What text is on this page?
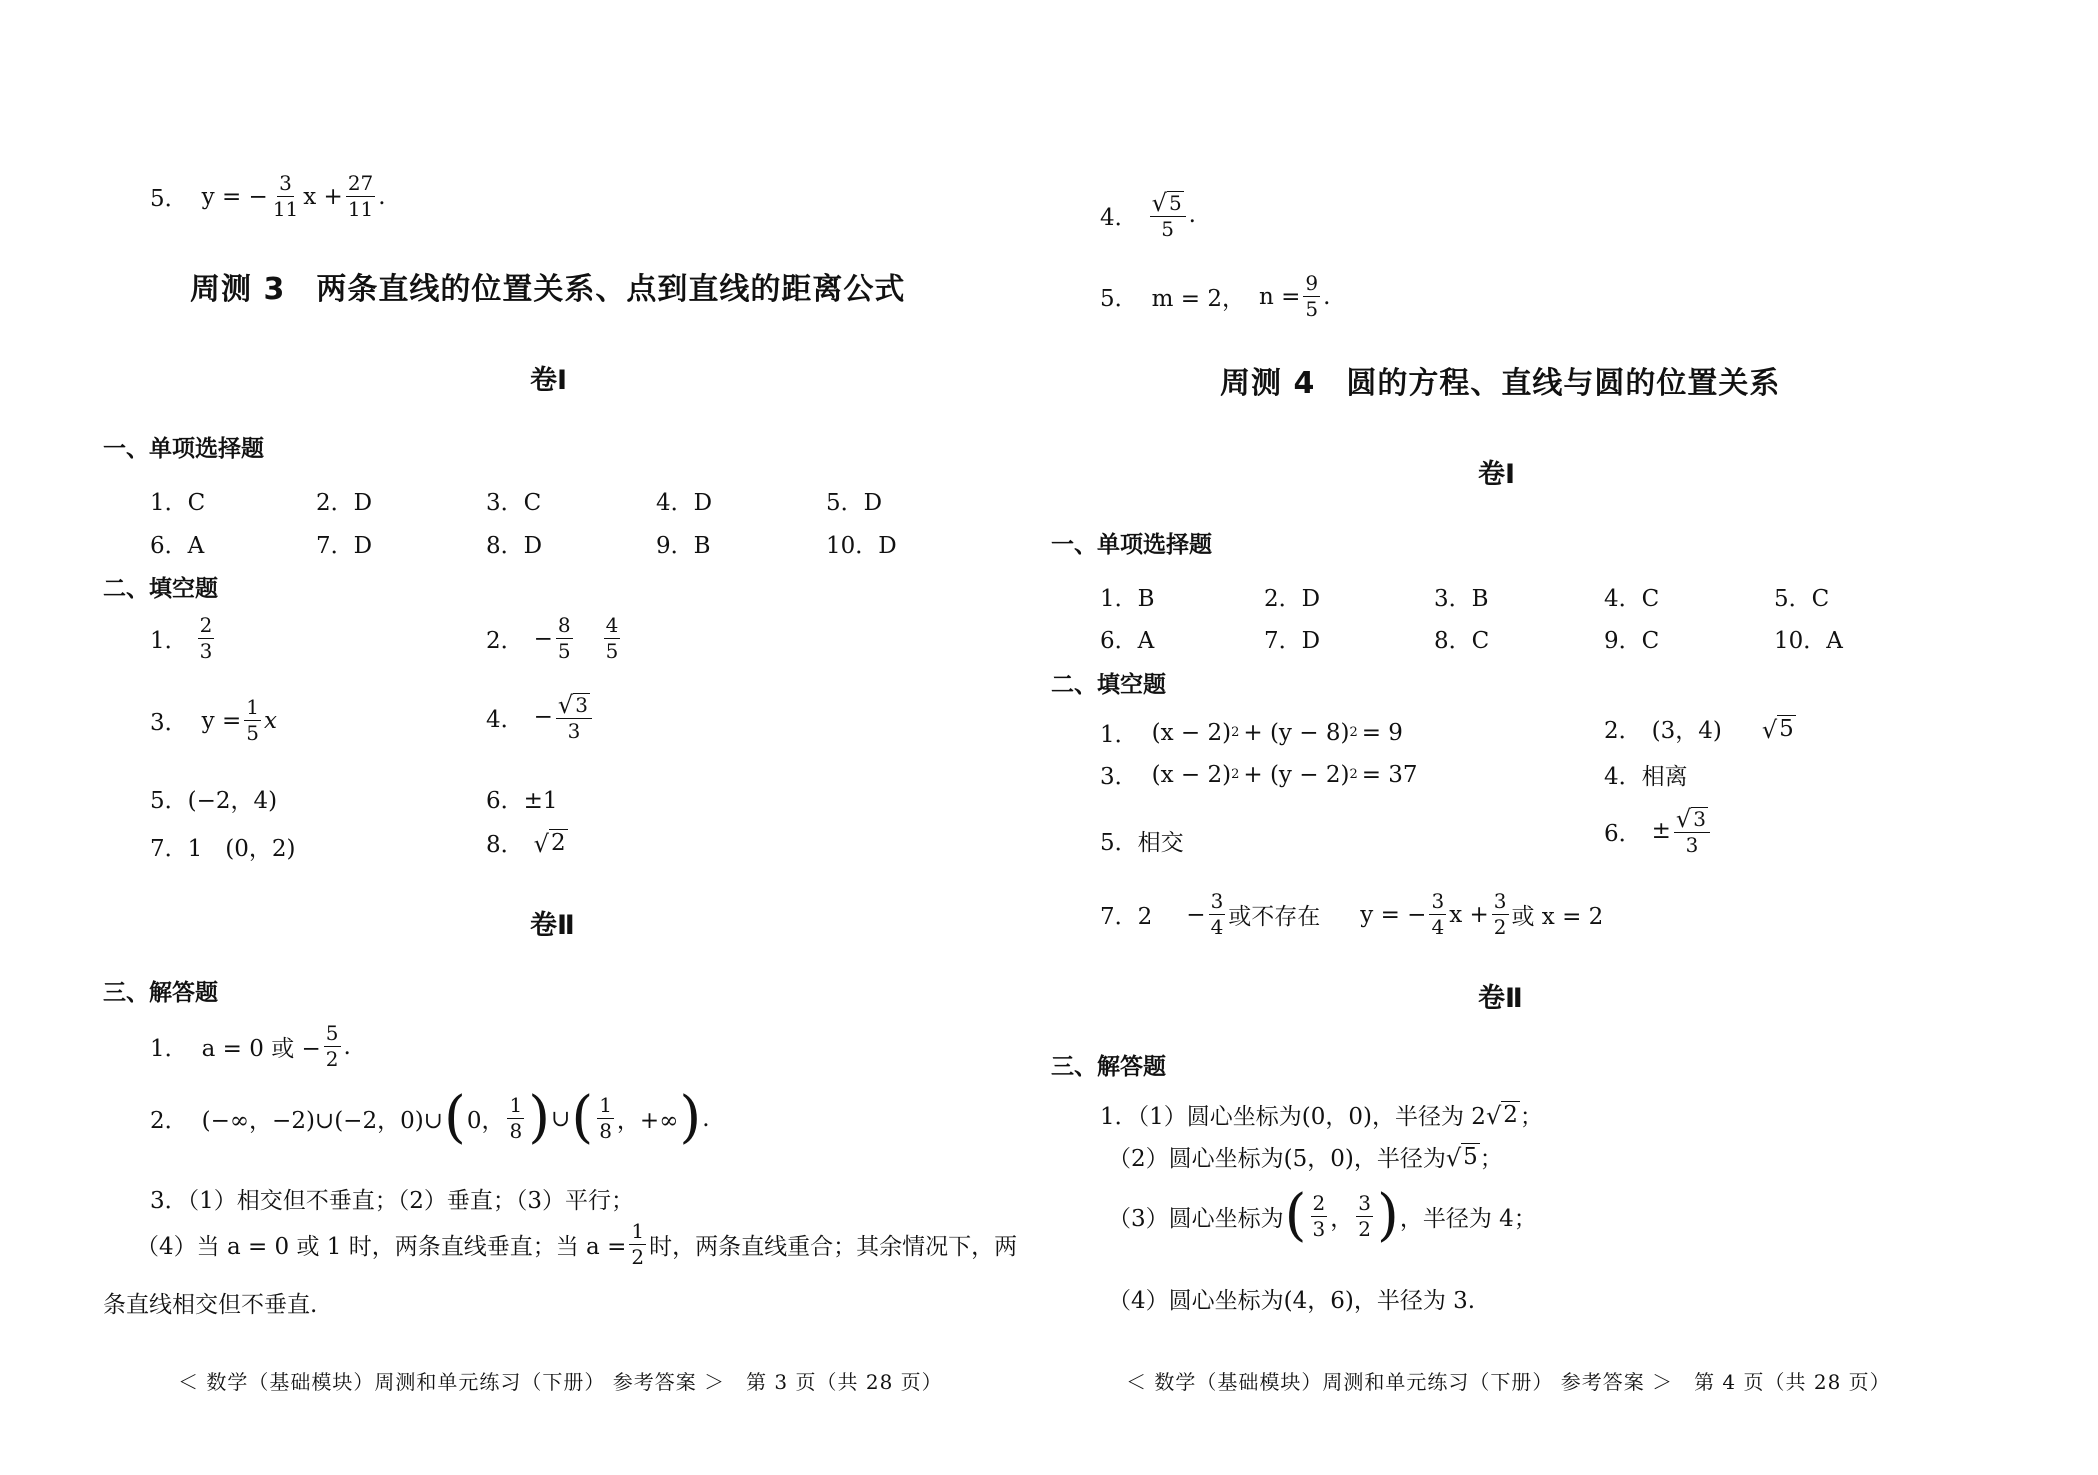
5． y = − $\frac{3}{11}$ $x + \frac{27}{11}$ .
周测 3　两条直线的位置关系、点到直线的距离公式
卷Ⅰ
一、单项选择题
1．C	2．D	3．C	4．D	5．D
6．A	7．D	8．D	9．B	10．D
二、填空题
1． $\frac{2}{3}$	2． − $\frac{8}{5} \frac{4}{5}$
3． $y = \frac{1}{5}$ x	4． − $\frac{√ 3}{3}$
5．(−2，4)	6．±1
7．1　(0，2)	8． √ 2
卷Ⅱ
三、解答题
1． a = 0 或 − $\frac{5}{2}$ .
2． (−∞，−2)∪(−2，0)∪ ( 0， $\frac{1}{8}$ ) ∪ ( $\frac{1}{8}$ ，+∞ ) .
3．（1）相交但不垂直；（2）垂直；（3）平行；
（4）当 a = 0 或 1 时，两条直线垂直；当 $a = \frac{1}{2}$ 时，两条直线重合；其余情况下，两
条直线相交但不垂直.
＜ 数学（基础模块）周测和单元练习（下册） 参考答案 ＞　第 3 页（共 28 页）
4． $\frac{√ 5}{5}$ .
5． m = 2， $n = \frac{9}{5}$ .
周测 4　圆的方程、直线与圆的位置关系
卷Ⅰ
一、单项选择题
1．B	2．D	3．B	4．C	5．C
6．A	7．D	8．C	9．C	10．A
二、填空题
1． (x − 2) 2 + (y − 8) 2 = 9	2． (3，4) √ 5
3． (x − 2) 2 + (y − 2) 2 = 37	4．相离
5．相交	6． ± $\frac{√ 3}{3}$
7．$2 - \frac{3}{4}$ 或不存在 y = − $\frac{3}{4}$ $x + \frac{3}{2}$ 或 x = 2
卷Ⅱ
三、解答题
1．（1）圆心坐标为(0，0)，半径为 2 √ 2 ；
（2）圆心坐标为(5，0)，半径为 √ 5 ；
（3）圆心坐标为 ( $\frac{2}{3}$ ， $\frac{3}{2}$ ) ，半径为 4；
（4）圆心坐标为(4，6)，半径为 3.
＜ 数学（基础模块）周测和单元练习（下册） 参考答案 ＞　第 4 页（共 28 页）
